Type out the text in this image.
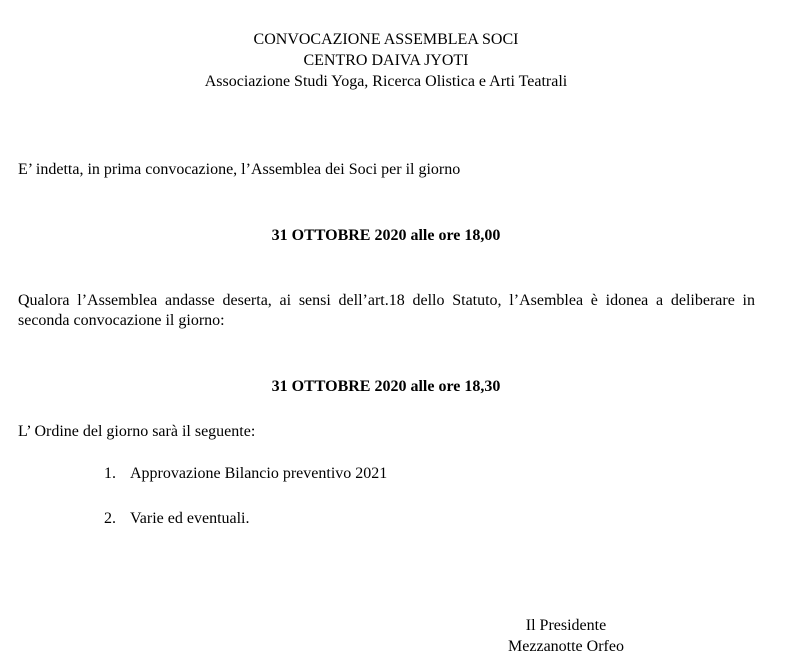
CONVOCAZIONE ASSEMBLEA SOCI
CENTRO DAIVA JYOTI
Associazione Studi Yoga, Ricerca Olistica e Arti Teatrali
E’ indetta, in prima convocazione, l’Assemblea dei Soci per il giorno
31 OTTOBRE 2020 alle ore 18,00
Qualora l’Assemblea andasse deserta, ai sensi dell’art.18 dello Statuto, l’Asemblea è idonea a deliberare in seconda convocazione il giorno:
31 OTTOBRE 2020 alle ore 18,30
L’ Ordine del giorno sarà il seguente:
1. Approvazione Bilancio preventivo 2021
2. Varie ed eventuali.
Il Presidente
Mezzanotte Orfeo
